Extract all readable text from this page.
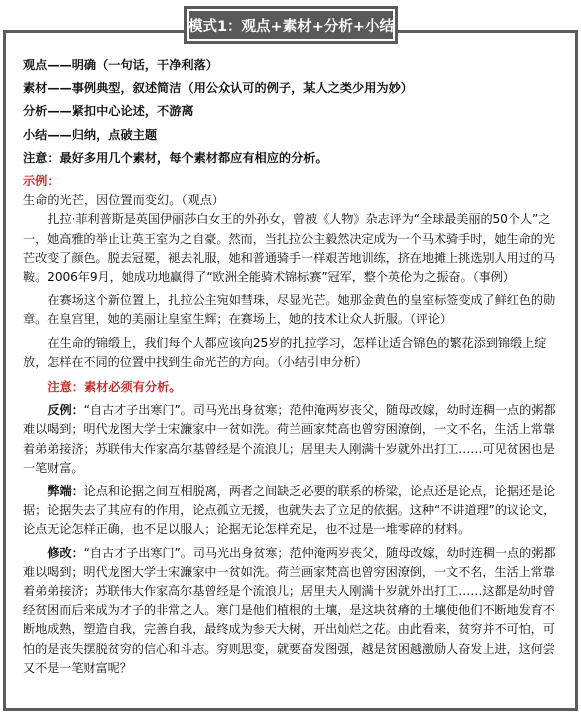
模式1：观点+素材+分析+小结

观点——明确（一句话，干净利落）

素材——事例典型，叙述简洁（用公众认可的例子，某人之类少用为妙）

分析——紧扣中心论述，不游离

小结——归纳，点破主题

注意：最好多用几个素材，每个素材都应有相应的分析。

示例：

生命的光芒，因位置而变幻。（观点）

扎拉·菲利普斯是英国伊丽莎白女王的外孙女，曾被《人物》杂志评为“全球最美丽的50个人”之一，她高雅的举止让英王室为之自豪。然而，当扎拉公主毅然决定成为一个马术骑手时，她生命的光芒改变了颜色。脱去冠冕，褪去礼服，她和普通骑手一样艰苦地训练，挤在地摊上挑选别人用过的马鞍。2006年9月，她成功地赢得了“欧洲全能骑术锦标赛”冠军，整个英伦为之振奋。（事例）

在赛场这个新位置上，扎拉公主宛如彗珠，尽显光芒。她那金黄色的皇室标签变成了鲜红色的勋章。在皇宫里，她的美丽让皇室生辉；在赛场上，她的技术让众人折服。（评论）

在生命的锦缎上，我们每个人都应该向25岁的扎拉学习，怎样让适合锦色的繁花添到锦缎上绽放，怎样在不同的位置中找到生命光芒的方向。（小结引申分析）

注意：素材必须有分析。

反例：“自古才子出寒门”。司马光出身贫寒；范仲淹两岁丧父，随母改嫁，幼时连稠一点的粥都难以喝到；明代龙图大学士宋濂家中一贫如洗。荷兰画家梵高也曾穷困潦倒，一文不名，生活上常靠着弟弟接济；苏联伟大作家高尔基曾经是个流浪儿；居里夫人刚满十岁就外出打工……可见贫困也是一笔财富。

弊端：论点和论据之间互相脱离，两者之间缺乏必要的联系的桥梁，论点还是论点，论据还是论据；论据失去了其应有的作用，论点孤立无援，也就失去了立足的依据。这种“不讲道理”的议论文，论点无论怎样正确，也不足以服人；论据无论怎样充足，也不过是一堆零碎的材料。

修改：“自古才子出寒门”。司马光出身贫寒；范仲淹两岁丧父，随母改嫁，幼时连稠一点的粥都难以喝到；明代龙图大学士宋濂家中一贫如洗。荷兰画家梵高也曾穷困潦倒，一文不名，生活上常靠着弟弟接济；苏联伟大作家高尔基曾经是个流浪儿；居里夫人刚满十岁就外出打工……这都是幼时曾经贫困而后来成为才子的非常之人。寒门是他们植根的土壤，是这块贫瘠的土壤使他们不断地发育不断地成熟，塑造自我，完善自我，最终成为参天大树，开出灿烂之花。由此看来，贫穷并不可怕，可怕的是丧失摆脱贫穷的信心和斗志。穷则思变，就要奋发图强，越是贫困越激励人奋发上进，这何尝又不是一笔财富呢？
